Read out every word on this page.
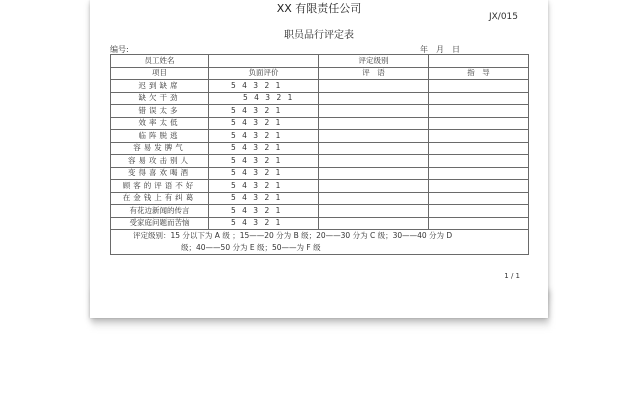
XX 有限责任公司
JX/015
职员品行评定表
编号:	年　月　日
员工姓名		评定级别	
项目	负面评价	评　语	指　导
迟到缺席	5 4 3 2 1		
缺欠干劲	5 4 3 2 1		
错误太多	5 4 3 2 1		
效率太低	5 4 3 2 1		
临阵脱逃	5 4 3 2 1		
容易发脾气	5 4 3 2 1		
容易攻击别人	5 4 3 2 1		
变得喜欢喝酒	5 4 3 2 1		
顾客的评语不好	5 4 3 2 1		
在金钱上有纠葛	5 4 3 2 1		
有花边新闻的传言	5 4 3 2 1		
受家庭问题而苦恼	5 4 3 2 1		
评定级别：15 分以下为 A 级 ；15——20 分为 B 级；20——30 分为 C 级；30——40 分为 D
级；40——50 分为 E 级；50——为 F 级			
1 / 1
